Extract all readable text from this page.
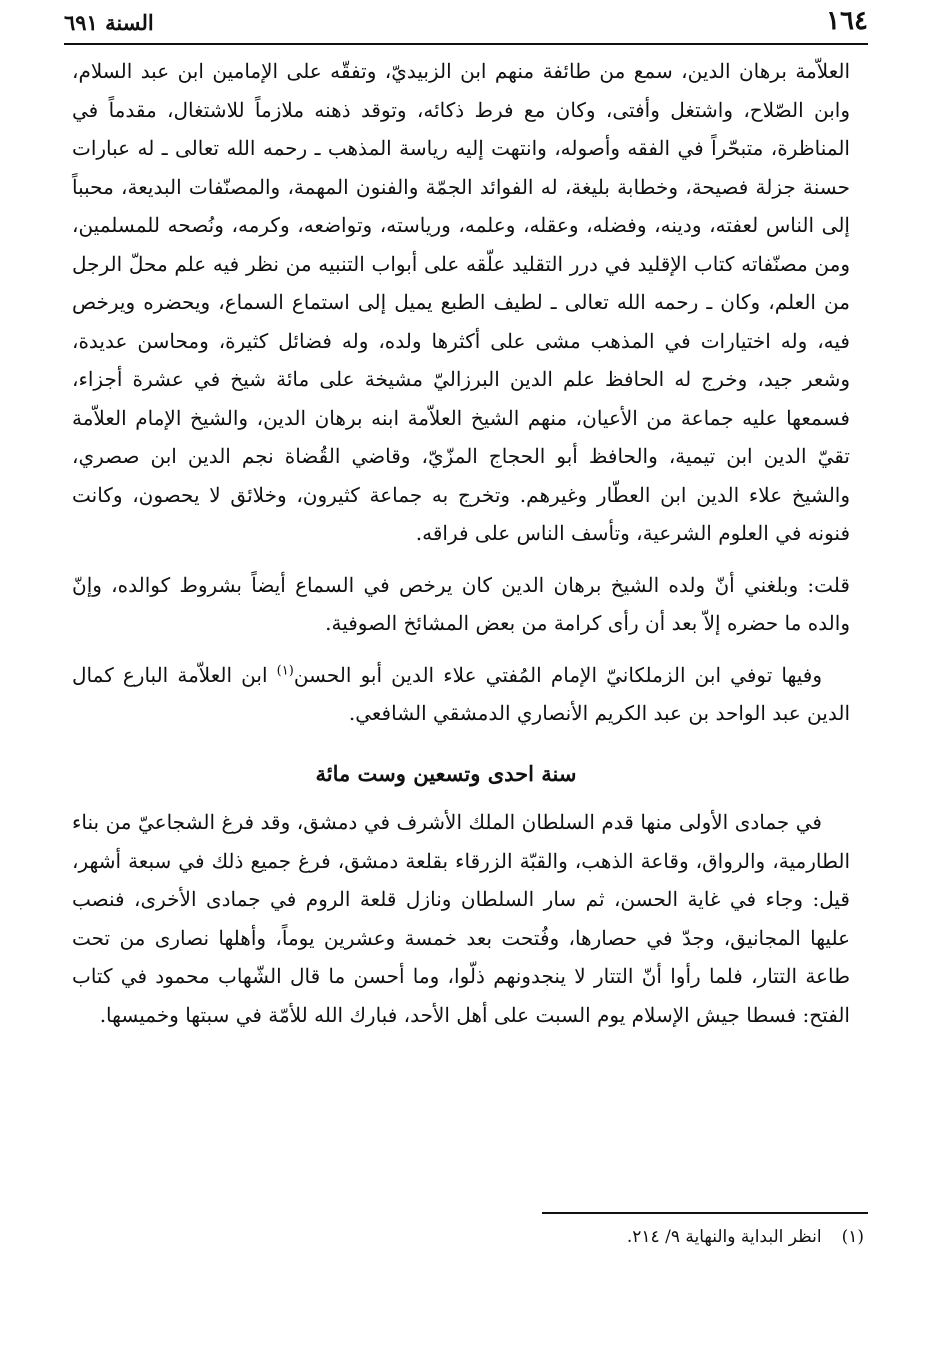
١٦٤
السنة ٦٩١

العلاّمة برهان الدين، سمع من طائفة منهم ابن الزبيديّ، وتفقّه على الإمامين ابن عبد السلام، وابن الصّلاح، واشتغل وأفتى، وكان مع فرط ذكائه، وتوقد ذهنه ملازماً للاشتغال، مقدماً في المناظرة، متبحّراً في الفقه وأصوله، وانتهت إليه رياسة المذهب ـ رحمه الله تعالى ـ له عبارات حسنة جزلة فصيحة، وخطابة بليغة، له الفوائد الجمّة والفنون المهمة، والمصنّفات البديعة، محبباً إلى الناس لعفته، ودينه، وفضله، وعقله، وعلمه، ورياسته، وتواضعه، وكرمه، ونُصحه للمسلمين، ومن مصنّفاته كتاب الإقليد في درر التقليد علّقه على أبواب التنبيه من نظر فيه علم محلّ الرجل من العلم، وكان ـ رحمه الله تعالى ـ لطيف الطبع يميل إلى استماع السماع، ويحضره ويرخص فيه، وله اختيارات في المذهب مشى على أكثرها ولده، وله فضائل كثيرة، ومحاسن عديدة، وشعر جيد، وخرج له الحافظ علم الدين البرزاليّ مشيخة على مائة شيخ في عشرة أجزاء، فسمعها عليه جماعة من الأعيان، منهم الشيخ العلاّمة ابنه برهان الدين، والشيخ الإمام العلاّمة تقيّ الدين ابن تيمية، والحافظ أبو الحجاج المزّيّ، وقاضي القُضاة نجم الدين ابن صصري، والشيخ علاء الدين ابن العطّار وغيرهم. وتخرج به جماعة كثيرون، وخلائق لا يحصون، وكانت فنونه في العلوم الشرعية، وتأسف الناس على فراقه.

قلت: وبلغني أنّ ولده الشيخ برهان الدين كان يرخص في السماع أيضاً بشروط كوالده، وإنّ والده ما حضره إلاّ بعد أن رأى كرامة من بعض المشائخ الصوفية.

وفيها توفي ابن الزملكانيّ الإمام المُفتي علاء الدين أبو الحسن$^{(١)}$ ابن العلاّمة البارع كمال الدين عبد الواحد بن عبد الكريم الأنصاري الدمشقي الشافعي.

سنة احدى وتسعين وست مائة

في جمادى الأولى منها قدم السلطان الملك الأشرف في دمشق، وقد فرغ الشجاعيّ من بناء الطارمية، والرواق، وقاعة الذهب، والقبّة الزرقاء بقلعة دمشق، فرغ جميع ذلك في سبعة أشهر، قيل: وجاء في غاية الحسن، ثم سار السلطان ونازل قلعة الروم في جمادى الأخرى، فنصب عليها المجانيق، وجدّ في حصارها، وفُتحت بعد خمسة وعشرين يوماً، وأهلها نصارى من تحت طاعة التتار، فلما رأوا أنّ التتار لا ينجدونهم ذلّوا، وما أحسن ما قال الشّهاب محمود في كتاب الفتح: فسطا جيش الإسلام يوم السبت على أهل الأحد، فبارك الله للأمّة في سبتها وخميسها.

(١)انظر البداية والنهاية ٩/ ٢١٤.
